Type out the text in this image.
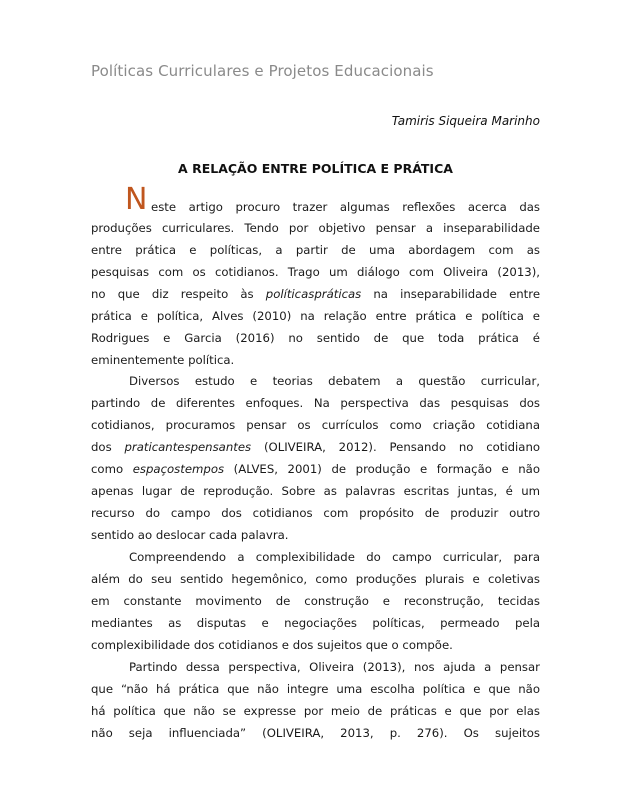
Políticas Curriculares e Projetos Educacionais
Tamiris Siqueira Marinho
A RELAÇÃO ENTRE POLÍTICA E PRÁTICA
N este artigo procuro trazer algumas reflexões acerca das
produções curriculares. Tendo por objetivo pensar a inseparabilidade
entre prática e políticas, a partir de uma abordagem com as
pesquisas com os cotidianos. Trago um diálogo com Oliveira (2013),
no que diz respeito às políticaspráticas na inseparabilidade entre
prática e política, Alves (2010) na relação entre prática e política e
Rodrigues e Garcia (2016) no sentido de que toda prática é
eminentemente política.
Diversos estudo e teorias debatem a questão curricular,
partindo de diferentes enfoques. Na perspectiva das pesquisas dos
cotidianos, procuramos pensar os currículos como criação cotidiana
dos praticantespensantes (OLIVEIRA, 2012). Pensando no cotidiano
como espaçostempos (ALVES, 2001) de produção e formação e não
apenas lugar de reprodução. Sobre as palavras escritas juntas, é um
recurso do campo dos cotidianos com propósito de produzir outro
sentido ao deslocar cada palavra.
Compreendendo a complexibilidade do campo curricular, para
além do seu sentido hegemônico, como produções plurais e coletivas
em constante movimento de construção e reconstrução, tecidas
mediantes as disputas e negociações políticas, permeado pela
complexibilidade dos cotidianos e dos sujeitos que o compõe.
Partindo dessa perspectiva, Oliveira (2013), nos ajuda a pensar
que “não há prática que não integre uma escolha política e que não
há política que não se expresse por meio de práticas e que por elas
não seja influenciada” (OLIVEIRA, 2013, p. 276). Os sujeitos
